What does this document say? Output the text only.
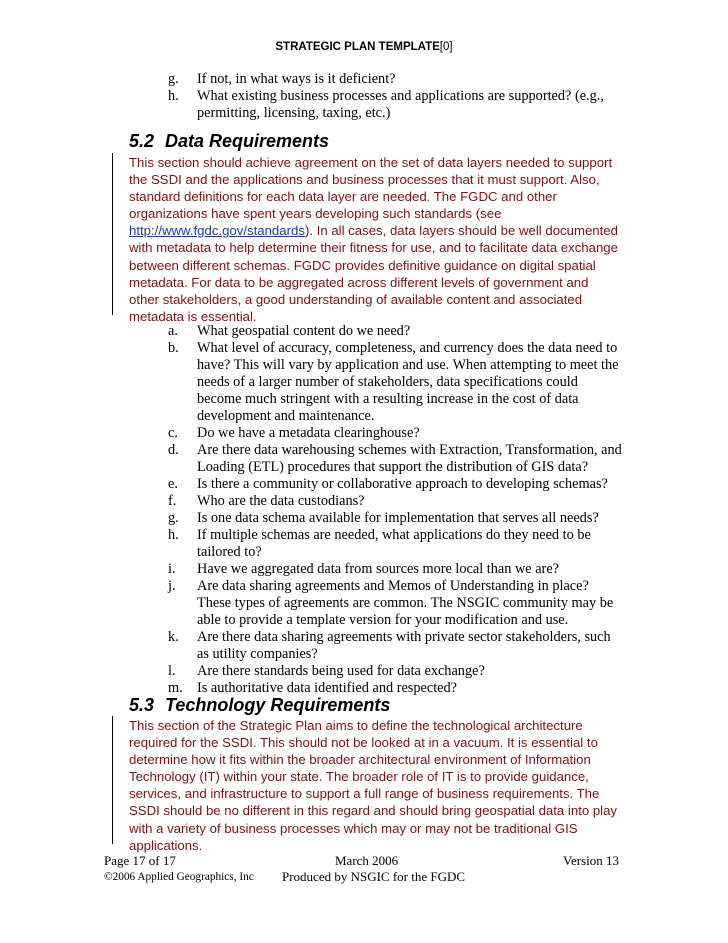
STRATEGIC PLAN TEMPLATE[0]
g. If not, in what ways is it deficient?
h. What existing business processes and applications are supported? (e.g., permitting, licensing, taxing, etc.)
5.2 Data Requirements

This section should achieve agreement on the set of data layers needed to support the SSDI and the applications and business processes that it must support. Also, standard definitions for each data layer are needed. The FGDC and other organizations have spent years developing such standards (see http://www.fgdc.gov/standards). In all cases, data layers should be well documented with metadata to help determine their fitness for use, and to facilitate data exchange between different schemas. FGDC provides definitive guidance on digital spatial metadata. For data to be aggregated across different levels of government and other stakeholders, a good understanding of available content and associated metadata is essential.

a. What geospatial content do we need?
b. What level of accuracy, completeness, and currency does the data need to have? This will vary by application and use. When attempting to meet the needs of a larger number of stakeholders, data specifications could become much stringent with a resulting increase in the cost of data development and maintenance.
c. Do we have a metadata clearinghouse?
d. Are there data warehousing schemes with Extraction, Transformation, and Loading (ETL) procedures that support the distribution of GIS data?
e. Is there a community or collaborative approach to developing schemas?
f. Who are the data custodians?
g. Is one data schema available for implementation that serves all needs?
h. If multiple schemas are needed, what applications do they need to be tailored to?
i. Have we aggregated data from sources more local than we are?
j. Are data sharing agreements and Memos of Understanding in place? These types of agreements are common. The NSGIC community may be able to provide a template version for your modification and use.
k. Are there data sharing agreements with private sector stakeholders, such as utility companies?
l. Are there standards being used for data exchange?
m. Is authoritative data identified and respected?
5.3 Technology Requirements

This section of the Strategic Plan aims to define the technological architecture required for the SSDI. This should not be looked at in a vacuum. It is essential to determine how it fits within the broader architectural environment of Information Technology (IT) within your state. The broader role of IT is to provide guidance, services, and infrastructure to support a full range of business requirements. The SSDI should be no different in this regard and should bring geospatial data into play with a variety of business processes which may or may not be traditional GIS applications.

Page 17 of 17	March 2006	Version 13
©2006 Applied Geographics, Inc Produced by NSGIC for the FGDC
